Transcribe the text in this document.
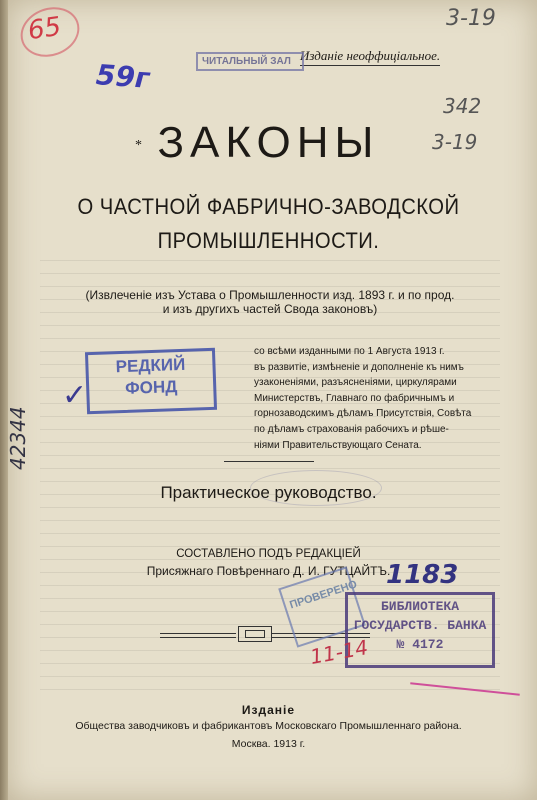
Изданіе неоффиціальное.
* ЗАКОНЫ
О ЧАСТНОЙ ФАБРИЧНО-ЗАВОДСКОЙ
ПРОМЫШЛЕННОСТИ.
(Извлеченіе изъ Устава о Промышленности изд. 1893 г. и по прод.
и изъ другихъ частей Свода законовъ)
со всѣми изданными по 1 Августа 1913 г.
въ развитіе, измѣненіе и дополненіе къ нимъ
узаконеніями, разъясненіями, циркулярами
Министерствъ, Главнаго по фабричнымъ и
горнозаводскимъ дѣламъ Присутствія, Совѣта
по дѣламъ страхованія рабочихъ и рѣше-
ніями Правительствующаго Сената.
Практическое руководство.
СОСТАВЛЕНО ПОДЪ РЕДАКЦІЕЙ
Присяжнаго Повѣреннаго Д. И. ГУТЦАЙТЪ.
Изданіе
Общества заводчиковъ и фабрикантовъ Московскаго Промышленнаго района.
Москва. 1913 г.
ЧИТАЛЬНЫЙ ЗАЛ
РЕДКИЙ
ФОНД
ПРОВЕРЕНО	БИБЛИОТЕКА
ГОСУДАРСТВ. БАНКА
№ 4172
65
59г
3-19
342
3-19
42344
✓
1183
11-14
